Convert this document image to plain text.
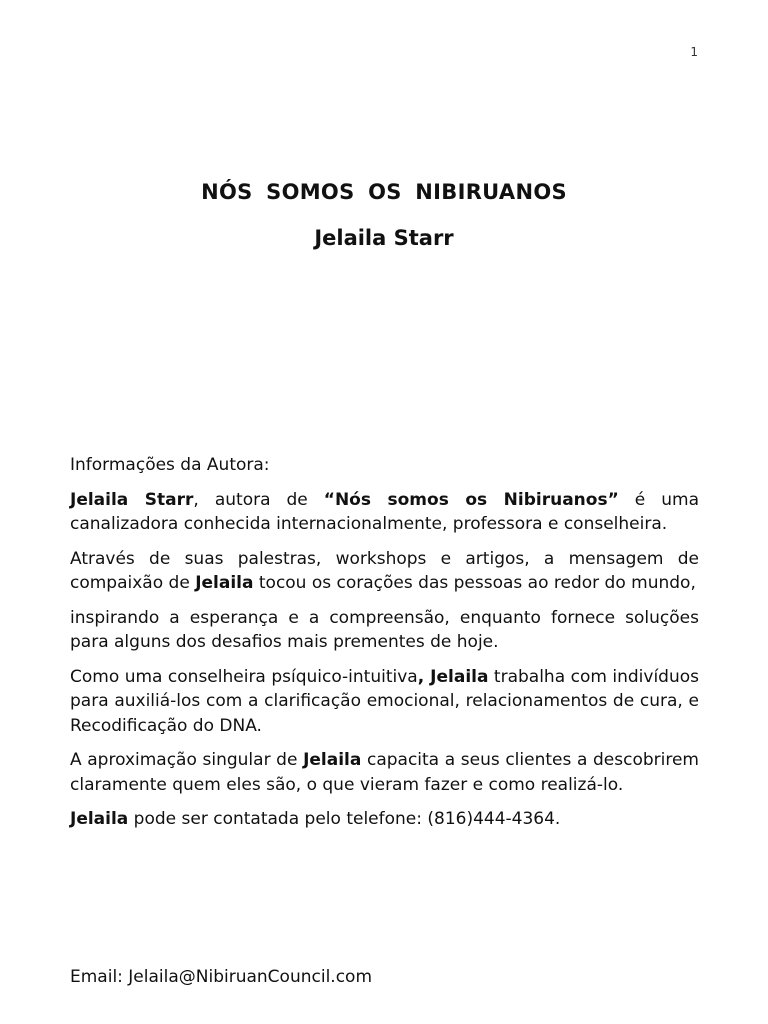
1
NÓS SOMOS OS NIBIRUANOS
Jelaila Starr

Informações da Autora:

Jelaila Starr, autora de “Nós somos os Nibiruanos” é uma canalizadora conhecida internacionalmente, professora e conselheira.

Através de suas palestras, workshops e artigos, a mensagem de compaixão de Jelaila tocou os corações das pessoas ao redor do mundo,

inspirando a esperança e a compreensão, enquanto fornece soluções para alguns dos desafios mais prementes de hoje.

Como uma conselheira psíquico-intuitiva, Jelaila trabalha com indivíduos para auxiliá-los com a clarificação emocional, relacionamentos de cura, e Recodificação do DNA.

A aproximação singular de Jelaila capacita a seus clientes a descobrirem claramente quem eles são, o que vieram fazer e como realizá-lo.

Jelaila pode ser contatada pelo telefone: (816)444-4364.

Email: Jelaila@NibiruanCouncil.com
